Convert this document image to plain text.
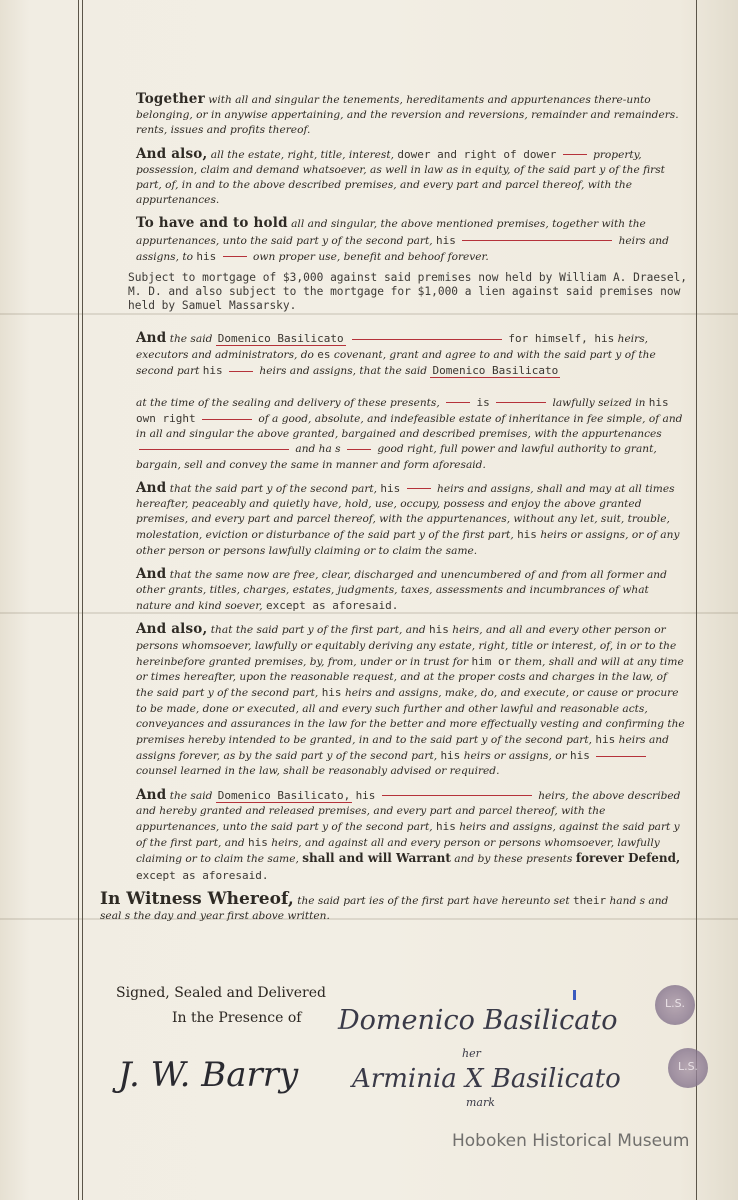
Together with all and singular the tenements, hereditaments and appurtenances there-unto belonging, or in anywise appertaining, and the reversion and reversions, remainder and remainders. rents, issues and profits thereof.

And also, all the estate, right, title, interest, dower and right of dower	property, possession, claim and demand whatsoever, as well in law as in equity, of the said part y of the first part, of, in and to the above described premises, and every part and parcel thereof, with the appurtenances.

To have and to hold all and singular, the above mentioned premises, together with the appurtenances, unto the said part y of the second part, his	heirs and assigns, to his	own proper use, benefit and behoof forever.

Subject to mortgage of $3,000 against said premises now held by William A. Draesel, M. D. and also subject to the mortgage for $1,000 a lien against said premises now held by Samuel Massarsky.

And the said Domenico Basilicato	for himself, his heirs, executors and administrators, do es covenant, grant and agree to and with the said part y of the second part his	heirs and assigns, that the said Domenico Basilicato

at the time of the sealing and delivery of these presents,	is	lawfully seized in his own right	of a good, absolute, and indefeasible estate of inheritance in fee simple, of and in all and singular the above granted, bargained and described premises, with the appurtenances  and ha s	good right, full power and lawful authority to grant, bargain, sell and convey the same in manner and form aforesaid.

And that the said part y of the second part, his	heirs and assigns, shall and may at all times hereafter, peaceably and quietly have, hold, use, occupy, possess and enjoy the above granted premises, and every part and parcel thereof, with the appurtenances, without any let, suit, trouble, molestation, eviction or disturbance of the said part y of the first part, his heirs or assigns, or of any other person or persons lawfully claiming or to claim the same.

And that the same now are free, clear, discharged and unencumbered of and from all former and other grants, titles, charges, estates, judgments, taxes, assessments and incumbrances of what nature and kind soever, except as aforesaid.

And also, that the said part y of the first part, and his heirs, and all and every other person or persons whomsoever, lawfully or equitably deriving any estate, right, title or interest, of, in or to the hereinbefore granted premises, by, from, under or in trust for him or them, shall and will at any time or times hereafter, upon the reasonable request, and at the proper costs and charges in the law, of the said part y of the second part, his heirs and assigns, make, do, and execute, or cause or procure to be made, done or executed, all and every such further and other lawful and reasonable acts, conveyances and assurances in the law for the better and more effectually vesting and confirming the premises hereby intended to be granted, in and to the said part y of the second part, his heirs and assigns forever, as by the said part y of the second part, his heirs or assigns, or his  counsel learned in the law, shall be reasonably advised or required.

And the said Domenico Basilicato, his	heirs, the above described and hereby granted and released premises, and every part and parcel thereof, with the appurtenances, unto the said part y of the second part, his heirs and assigns, against the said part y of the first part, and his heirs, and against all and every person or persons whomsoever, lawfully claiming or to claim the same, shall and will Warrant and by these presents forever Defend, except as aforesaid.

In Witness Whereof, the said part ies of the first part have hereunto set their hand s and seal s the day and year first above written.

Signed, Sealed and Delivered
In the Presence of Domenico Basilicato
J. W. Barry
her
Arminia X Basilicato
mark
L.S.
L.S.
Hoboken Historical Museum
